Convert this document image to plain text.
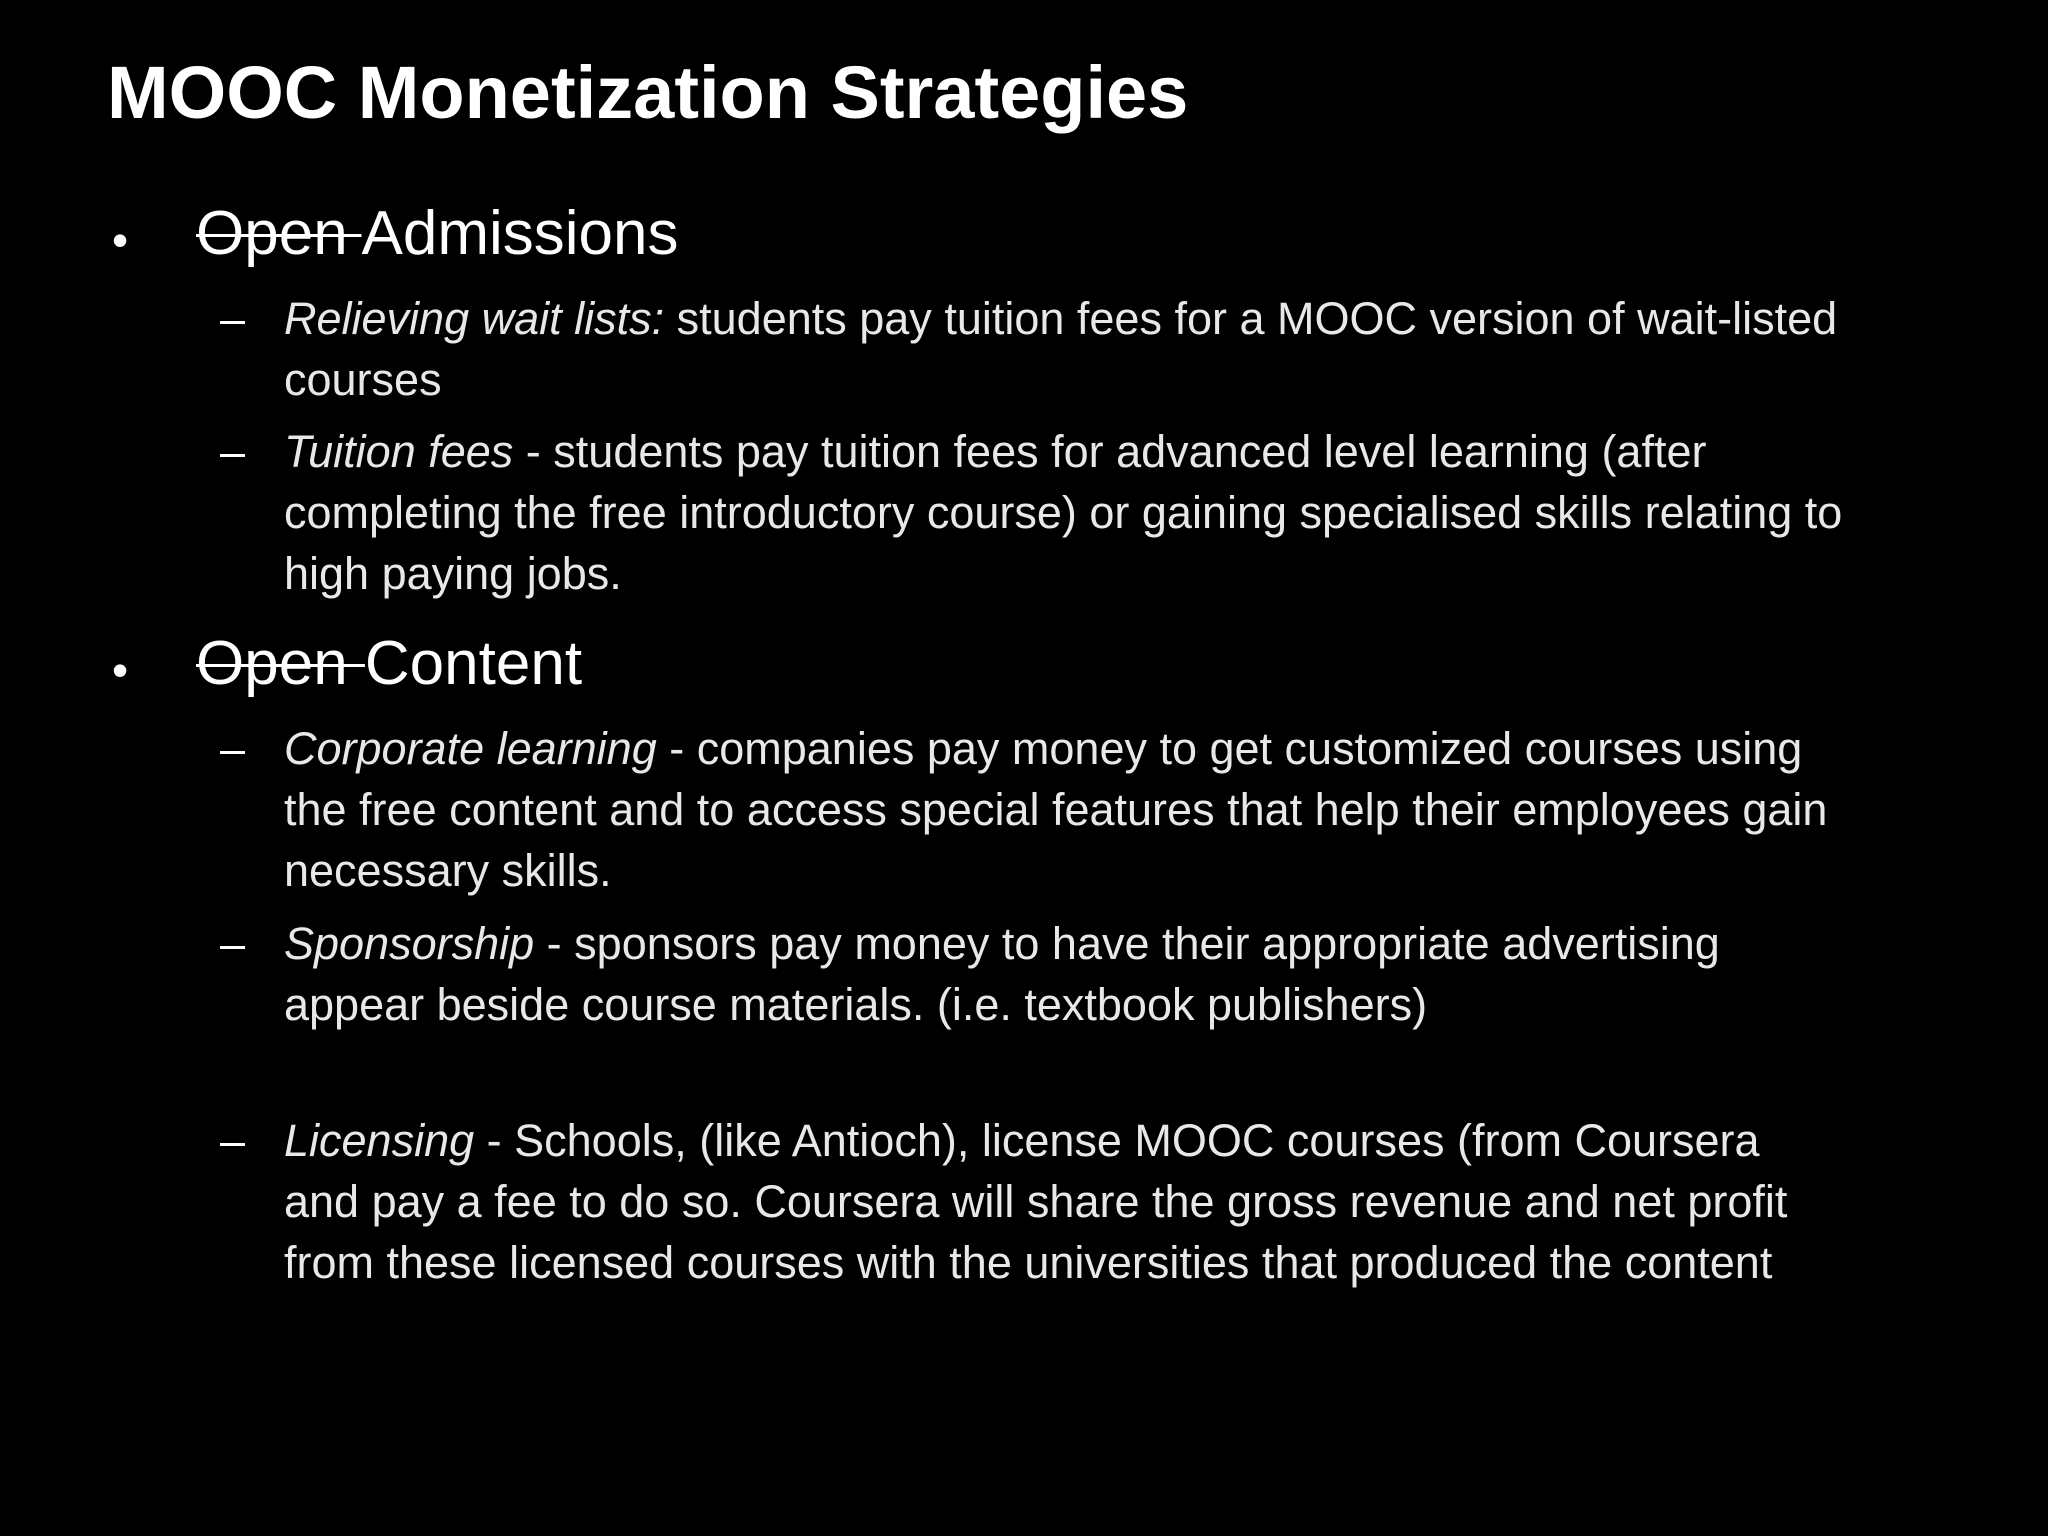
MOOC Monetization Strategies
• Open Admissions
– Relieving wait lists: students pay tuition fees for a MOOC version of wait-listed courses
– Tuition fees - students pay tuition fees for advanced level learning (after completing the free introductory course) or gaining specialised skills relating to high paying jobs.
• Open Content
– Corporate learning - companies pay money to get customized courses using the free content and to access special features that help their employees gain necessary skills.
– Sponsorship - sponsors pay money to have their appropriate advertising appear beside course materials. (i.e. textbook publishers)
– Licensing - Schools, (like Antioch), license MOOC courses (from Coursera and pay a fee to do so. Coursera will share the gross revenue and net profit from these licensed courses with the universities that produced the content
